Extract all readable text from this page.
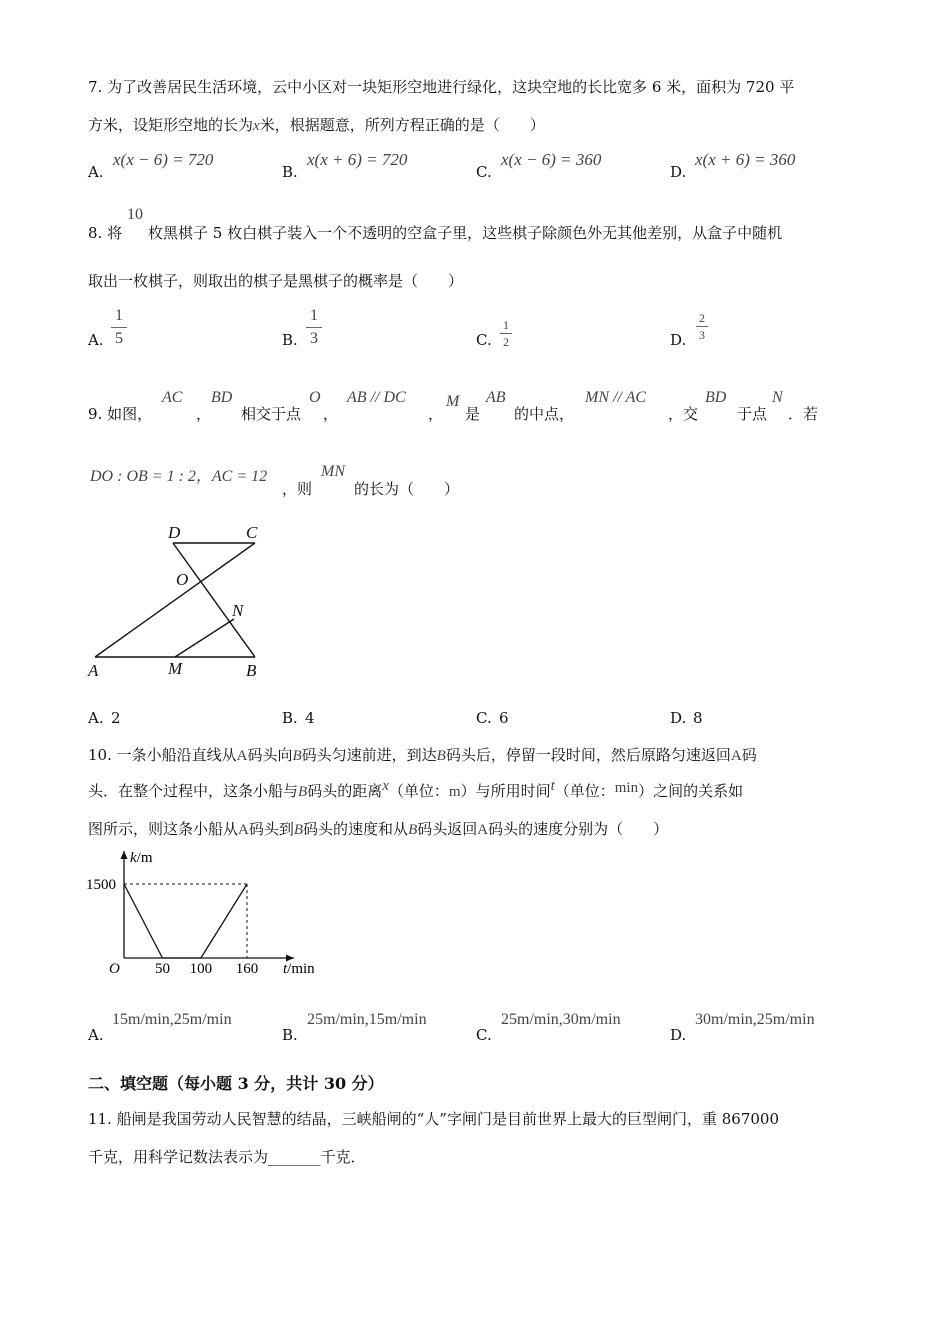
7. 为了改善居民生活环境，云中小区对一块矩形空地进行绿化，这块空地的长比宽多 6 米，面积为 720 平
方米，设矩形空地的长为x米，根据题意，所列方程正确的是（　　）
A.
x(x − 6) = 720
B.
x(x + 6) = 720
C.
x(x − 6) = 360
D.
x(x + 6) = 360
10
8. 将 枚黑棋子 5 枚白棋子装入一个不透明的空盒子里，这些棋子除颜色外无其他差别，从盒子中随机
取出一枚棋子，则取出的棋子是黑棋子的概率是（　　）
A.
1
5	B.
1
3	C.
1
2	D.
2
3
9. 如图，
AC
，
BD
相交于点
O
，
AB // DC
，
M
是
AB
的中点，
MN // AC
，交
BD
于点
N
．若
DO : OB = 1 : 2，AC = 12
，则
MN
的长为（　　）
D	C
O
N
A	M	B
A. 2	B. 4	C. 6	D. 8
10. 一条小船沿直线从A码头向B码头匀速前进，到达B码头后，停留一段时间，然后原路匀速返回A码
头．在整个过程中，这条小船与B码头的距离x（单位：m）与所用时间t（单位：min）之间的关系如
图所示，则这条小船从A码头到B码头的速度和从B码头返回A码头的速度分别为（　　）
k/m
1500
O 50 100 160 t/min
A.
15m/min,25m/min
B.
25m/min,15m/min
C.
25m/min,30m/min
D.
30m/min,25m/min
二、填空题（每小题 3 分，共计 30 分）
11. 船闸是我国劳动人民智慧的结晶，三峡船闸的“人”字闸门是目前世界上最大的巨型闸门，重 867000
千克，用科学记数法表示为_______千克．
